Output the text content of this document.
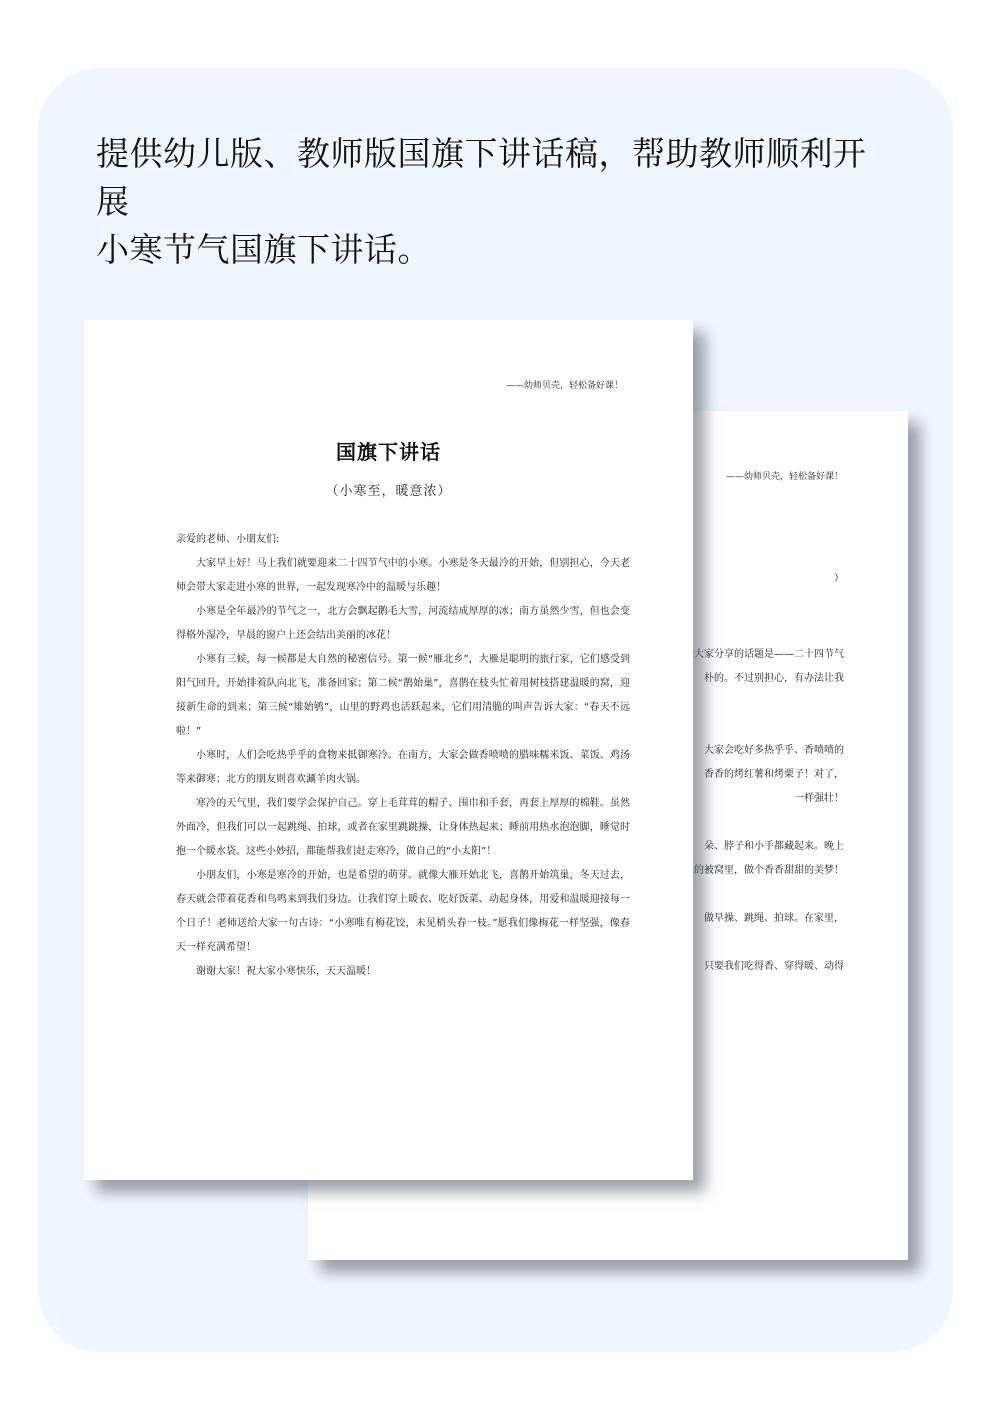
提供幼儿版、教师版国旗下讲话稿，帮助教师顺利开展
小寒节气国旗下讲话。
——幼师贝壳，轻松备好课！
）
大家分享的话题是——二十四节气
朴的。不过别担心，有办法让我
大家会吃好多热乎乎、香喷喷的
香香的烤红薯和烤栗子！对了，
一样强壮！
朵、脖子和小手都藏起来。晚上
的被窝里，做个香香甜甜的美梦！
做早操、跳绳、拍球。在家里，
只要我们吃得香、穿得暖、动得
——幼师贝壳，轻松备好课！
国旗下讲话
（小寒至，暖意浓）

亲爱的老师、小朋友们:

大家早上好！马上我们就要迎来二十四节气中的小寒。小寒是冬天最冷的开始，但别担心，今天老师会带大家走进小寒的世界，一起发现寒冷中的温暖与乐趣！

小寒是全年最冷的节气之一，北方会飘起鹅毛大雪，河流结成厚厚的冰；南方虽然少雪，但也会变得格外湿冷，早晨的窗户上还会结出美丽的冰花！

小寒有三候，每一候都是大自然的秘密信号。第一候“雁北乡”，大雁是聪明的旅行家，它们感受到阳气回升，开始排着队向北飞，准备回家；第二候“鹊始巢”，喜鹊在枝头忙着用树枝搭建温暖的窝，迎接新生命的到来；第三候“雉始鸲”，山里的野鸡也活跃起来，它们用清脆的叫声告诉大家：“春天不远啦！”

小寒时，人们会吃热乎乎的食物来抵御寒冷。在南方，大家会做香喷喷的腊味糯米饭、菜饭、鸡汤等来御寒；北方的朋友则喜欢涮羊肉火锅。

寒冷的天气里，我们要学会保护自己。穿上毛茸茸的帽子、围巾和手套，再套上厚厚的棉鞋。虽然外面冷，但我们可以一起跳绳、拍球，或者在家里跳跳操，让身体热起来；睡前用热水泡泡脚，睡觉时抱一个暖水袋。这些小妙招，都能帮我们赶走寒冷，做自己的“小太阳”！

小朋友们，小寒是寒冷的开始，也是希望的萌芽。就像大雁开始北飞，喜鹊开始筑巢，冬天过去，春天就会带着花香和鸟鸣来到我们身边。让我们穿上暖衣、吃好饭菜、动起身体，用爱和温暖迎接每一个日子！老师送给大家一句古诗：“小寒唯有梅花饺，未见梢头春一枝。”愿我们像梅花一样坚强，像春天一样充满希望！

谢谢大家！祝大家小寒快乐，天天温暖！
